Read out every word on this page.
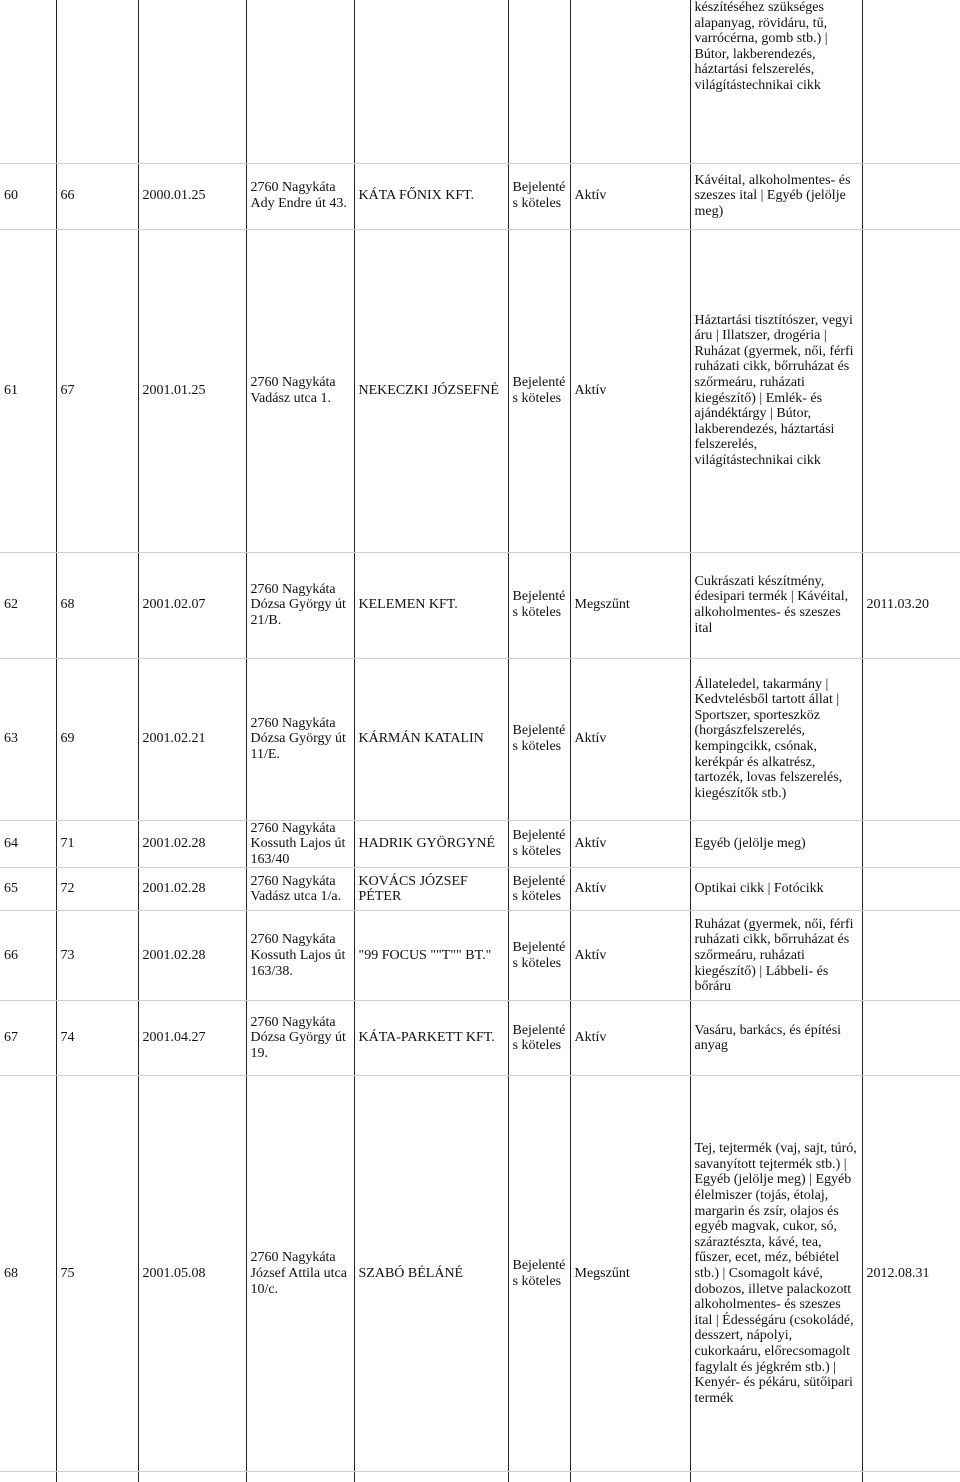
							készítéséhez szükséges alapanyag, rövidáru, tű, varrócérna, gomb stb.) | Bútor, lakberendezés, háztartási felszerelés, világítástechnikai cikk	
60	66	2000.01.25	2760 Nagykáta Ady Endre út 43.	KÁTA FŐNIX KFT.	Bejelentés köteles	Aktív	Kávéital, alkoholmentes- és szeszes ital | Egyéb (jelölje meg)	
61	67	2001.01.25	2760 Nagykáta Vadász utca 1.	NEKECZKI JÓZSEFNÉ	Bejelentés köteles	Aktív	Háztartási tisztítószer, vegyi áru | Illatszer, drogéria | Ruházat (gyermek, női, férfi ruházati cikk, bőrruházat és szőrmeáru, ruházati kiegészítő) | Emlék- és ajándéktárgy | Bútor, lakberendezés, háztartási felszerelés, világítástechnikai cikk	
62	68	2001.02.07	2760 Nagykáta Dózsa György út 21/B.	KELEMEN KFT.	Bejelentés köteles	Megszűnt	Cukrászati készítmény, édesipari termék | Kávéital, alkoholmentes- és szeszes ital	2011.03.20
63	69	2001.02.21	2760 Nagykáta Dózsa György út 11/E.	KÁRMÁN KATALIN	Bejelentés köteles	Aktív	Állateledel, takarmány | Kedvtelésből tartott állat | Sportszer, sporteszköz (horgászfelszerelés, kempingcikk, csónak, kerékpár és alkatrész, tartozék, lovas felszerelés, kiegészítők stb.)	
64	71	2001.02.28	2760 Nagykáta Kossuth Lajos út 163/40	HADRIK GYÖRGYNÉ	Bejelentés köteles	Aktív	Egyéb (jelölje meg)	
65	72	2001.02.28	2760 Nagykáta Vadász utca 1/a.	KOVÁCS JÓZSEF PÉTER	Bejelentés köteles	Aktív	Optikai cikk | Fotócikk	
66	73	2001.02.28	2760 Nagykáta Kossuth Lajos út 163/38.	"99 FOCUS ""T"" BT."	Bejelentés köteles	Aktív	Ruházat (gyermek, női, férfi ruházati cikk, bőrruházat és szőrmeáru, ruházati kiegészítő) | Lábbeli- és bőráru	
67	74	2001.04.27	2760 Nagykáta Dózsa György út 19.	KÁTA-PARKETT KFT.	Bejelentés köteles	Aktív	Vasáru, barkács, és építési anyag	
68	75	2001.05.08	2760 Nagykáta József Attila utca 10/c.	SZABÓ BÉLÁNÉ	Bejelentés köteles	Megszűnt	Tej, tejtermék (vaj, sajt, túró, savanyított tejtermék stb.) | Egyéb (jelölje meg) | Egyéb élelmiszer (tojás, étolaj, margarin és zsír, olajos és egyéb magvak, cukor, só, száraztészta, kávé, tea, fűszer, ecet, méz, bébiétel stb.) | Csomagolt kávé, dobozos, illetve palackozott alkoholmentes- és szeszes ital | Édességáru (csokoládé, desszert, nápolyi, cukorkaáru, előrecsomagolt fagylalt és jégkrém stb.) | Kenyér- és pékáru, sütőipari termék	2012.08.31
